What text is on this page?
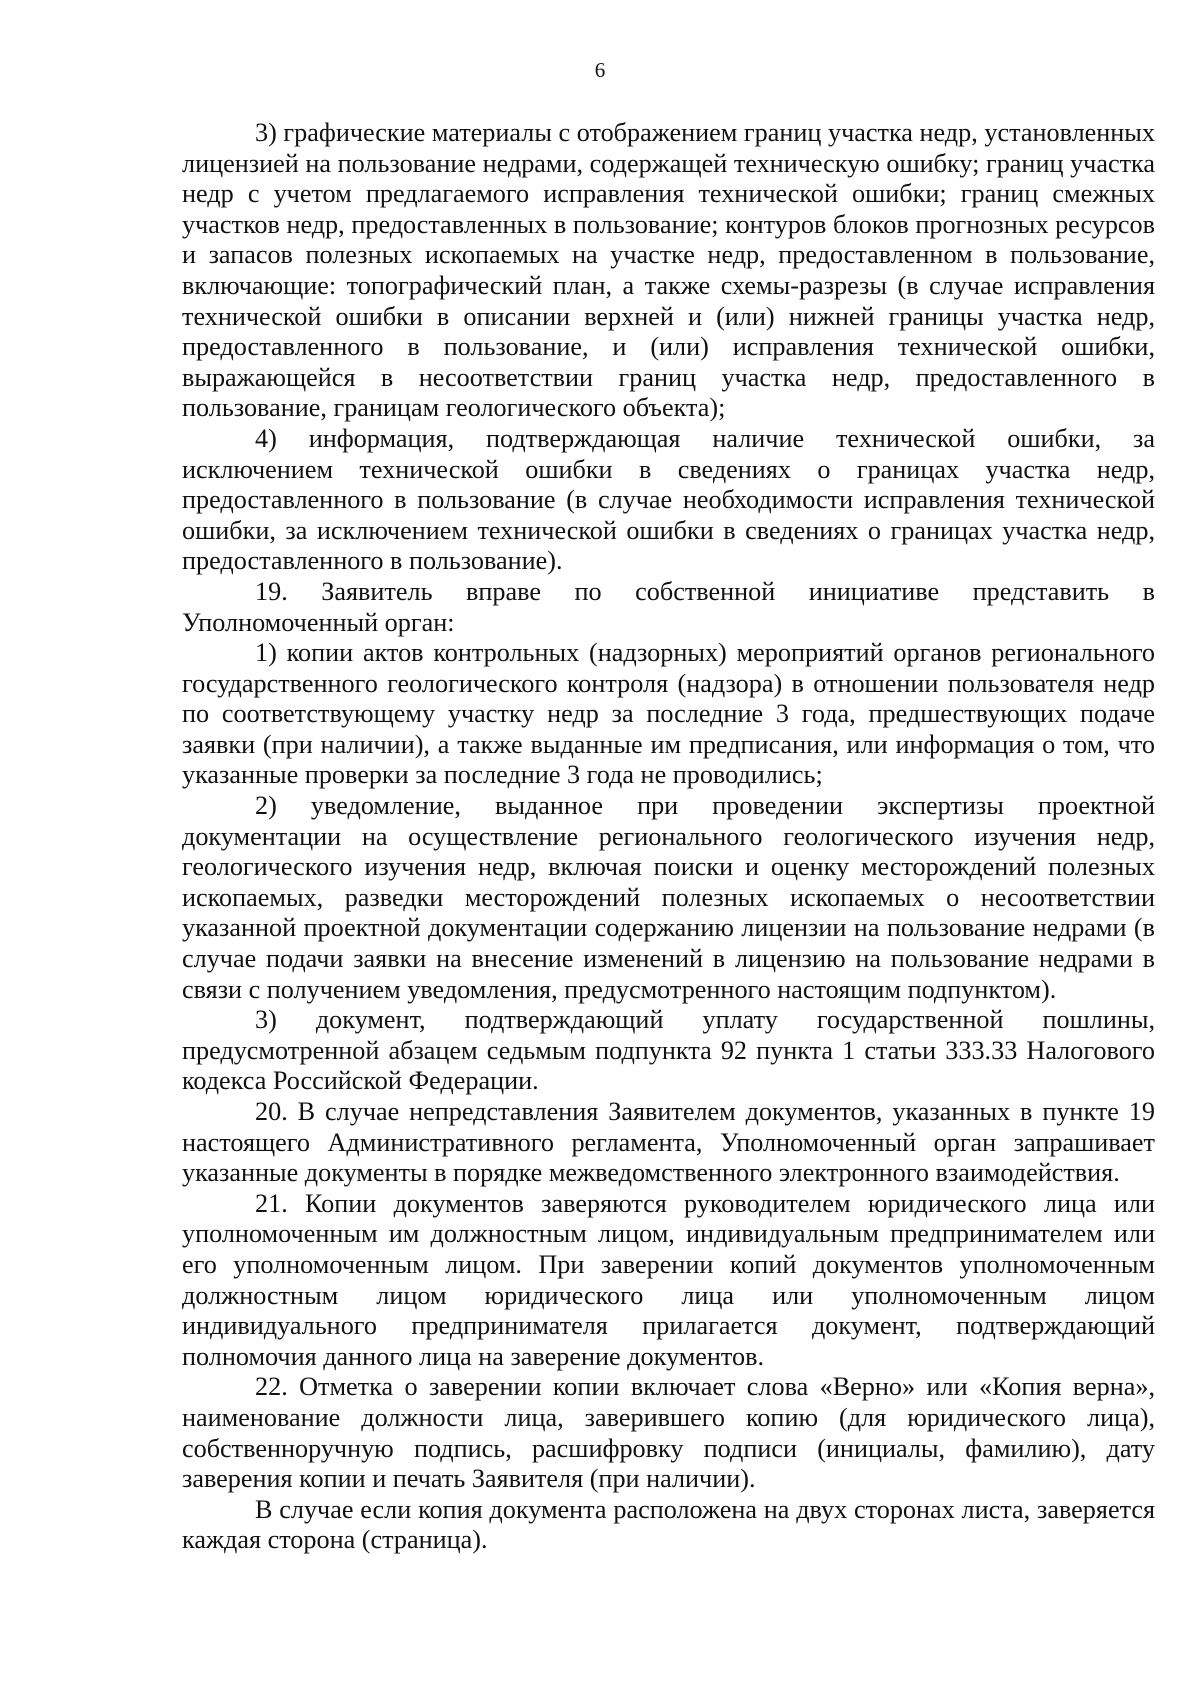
6

3) графические материалы с отображением границ участка недр, установленных лицензией на пользование недрами, содержащей техническую ошибку; границ участка недр с учетом предлагаемого исправления технической ошибки; границ смежных участков недр, предоставленных в пользование; контуров блоков прогнозных ресурсов и запасов полезных ископаемых на участке недр, предоставленном в пользование, включающие: топографический план, а также схемы-разрезы (в случае исправления технической ошибки в описании верхней и (или) нижней границы участка недр, предоставленного в пользование, и (или) исправления технической ошибки, выражающейся в несоответствии границ участка недр, предоставленного в пользование, границам геологического объекта);

4) информация, подтверждающая наличие технической ошибки, за исключением технической ошибки в сведениях о границах участка недр, предоставленного в пользование (в случае необходимости исправления технической ошибки, за исключением технической ошибки в сведениях о границах участка недр, предоставленного в пользование).

19. Заявитель вправе по собственной инициативе представить в Уполномоченный орган:

1) копии актов контрольных (надзорных) мероприятий органов регионального государственного геологического контроля (надзора) в отношении пользователя недр по соответствующему участку недр за последние 3 года, предшествующих подаче заявки (при наличии), а также выданные им предписания, или информация о том, что указанные проверки за последние 3 года не проводились;

2) уведомление, выданное при проведении экспертизы проектной документации на осуществление регионального геологического изучения недр, геологического изучения недр, включая поиски и оценку месторождений полезных ископаемых, разведки месторождений полезных ископаемых о несоответствии указанной проектной документации содержанию лицензии на пользование недрами (в случае подачи заявки на внесение изменений в лицензию на пользование недрами в связи с получением уведомления, предусмотренного настоящим подпунктом).

3) документ, подтверждающий уплату государственной пошлины, предусмотренной абзацем седьмым подпункта 92 пункта 1 статьи 333.33 Налогового кодекса Российской Федерации.

20. В случае непредставления Заявителем документов, указанных в пункте 19 настоящего Административного регламента, Уполномоченный орган запрашивает указанные документы в порядке межведомственного электронного взаимодействия.

21. Копии документов заверяются руководителем юридического лица или уполномоченным им должностным лицом, индивидуальным предпринимателем или его уполномоченным лицом. При заверении копий документов уполномоченным должностным лицом юридического лица или уполномоченным лицом индивидуального предпринимателя прилагается документ, подтверждающий полномочия данного лица на заверение документов.

22. Отметка о заверении копии включает слова «Верно» или «Копия верна», наименование должности лица, заверившего копию (для юридического лица), собственноручную подпись, расшифровку подписи (инициалы, фамилию), дату заверения копии и печать Заявителя (при наличии).

В случае если копия документа расположена на двух сторонах листа, заверяется каждая сторона (страница).
